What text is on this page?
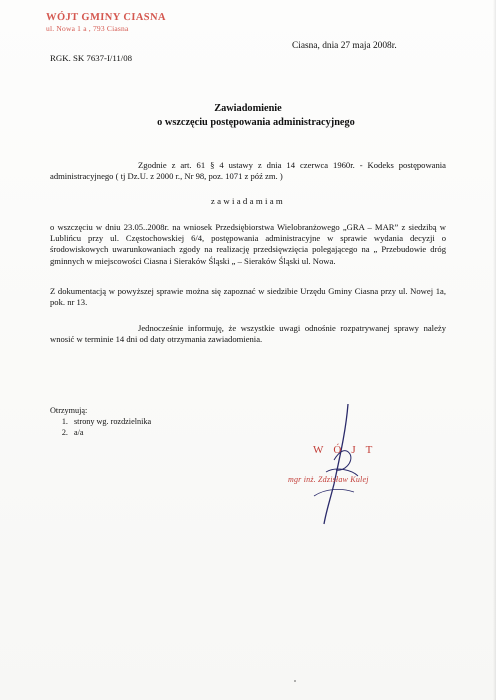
WÓJT GMINY CIASNA
ul. Nowa 1 a , 793 Ciasna
Ciasna, dnia 27 maja 2008r.
RGK. SK 7637-I/11/08
Zawiadomienie
o wszczęciu postępowania administracyjnego
Zgodnie z art. 61 § 4 ustawy z dnia 14 czerwca 1960r. - Kodeks postępowania administracyjnego ( tj Dz.U. z 2000 r., Nr 98, poz. 1071 z póź zm. )
zawiadamiam
o wszczęciu w dniu 23.05..2008r. na wniosek Przedsiębiorstwa Wielobranżowego „GRA – MAR” z siedzibą w Lublińcu przy ul. Częstochowskiej 6/4, postępowania administracyjne w sprawie wydania decyzji o środowiskowych uwarunkowaniach zgody na realizację przedsięwzięcia polegającego na „ Przebudowie dróg gminnych w miejscowości Ciasna i Sieraków Śląski „ – Sieraków Śląski ul. Nowa.
Z dokumentacją w powyższej sprawie można się zapoznać w siedzibie Urzędu Gminy Ciasna przy ul. Nowej 1a, pok. nr 13.
Jednocześnie informuję, że wszystkie uwagi odnośnie rozpatrywanej sprawy należy wnosić w terminie 14 dni od daty otrzymania zawiadomienia.
Otrzymują:
1. strony wg. rozdzielnika
2. a/a
WÓJT
mgr inż. Zdzisław Kulej
